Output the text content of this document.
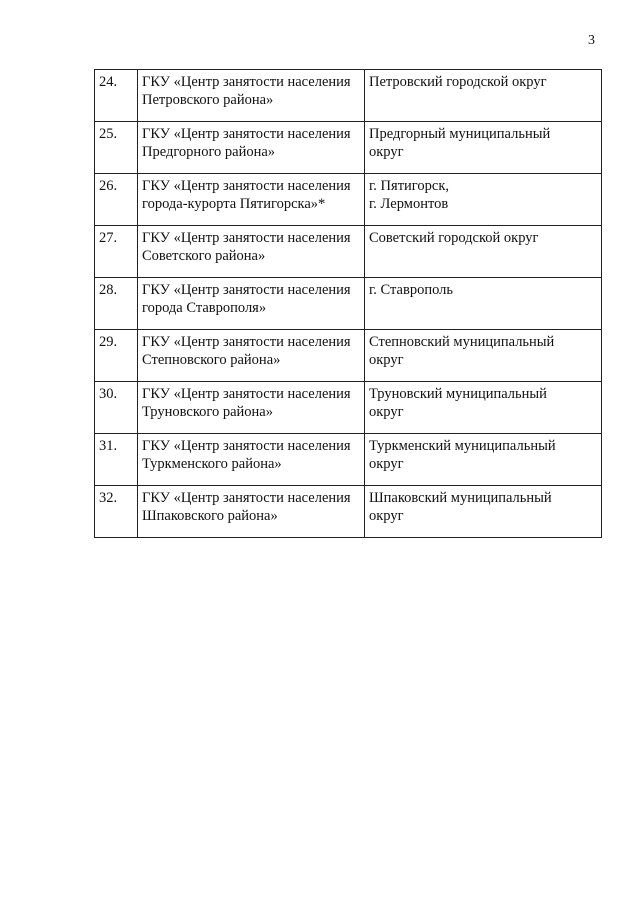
3
24.	ГКУ «Центр занятости населения
Петровского района»	Петровский городской округ

25.	ГКУ «Центр занятости населения
Предгорного района»	Предгорный муниципальный
округ
26.	ГКУ «Центр занятости населения
города-курорта Пятигорска»*	г. Пятигорск,
г. Лермонтов
27.	ГКУ «Центр занятости населения
Советского района»	Советский городской округ

28.	ГКУ «Центр занятости населения
города Ставрополя»	г. Ставрополь

29.	ГКУ «Центр занятости населения
Степновского района»	Степновский муниципальный
округ
30.	ГКУ «Центр занятости населения
Труновского района»	Труновский муниципальный
округ
31.	ГКУ «Центр занятости населения
Туркменского района»	Туркменский муниципальный
округ
32.	ГКУ «Центр занятости населения
Шпаковского района»	Шпаковский муниципальный
округ
